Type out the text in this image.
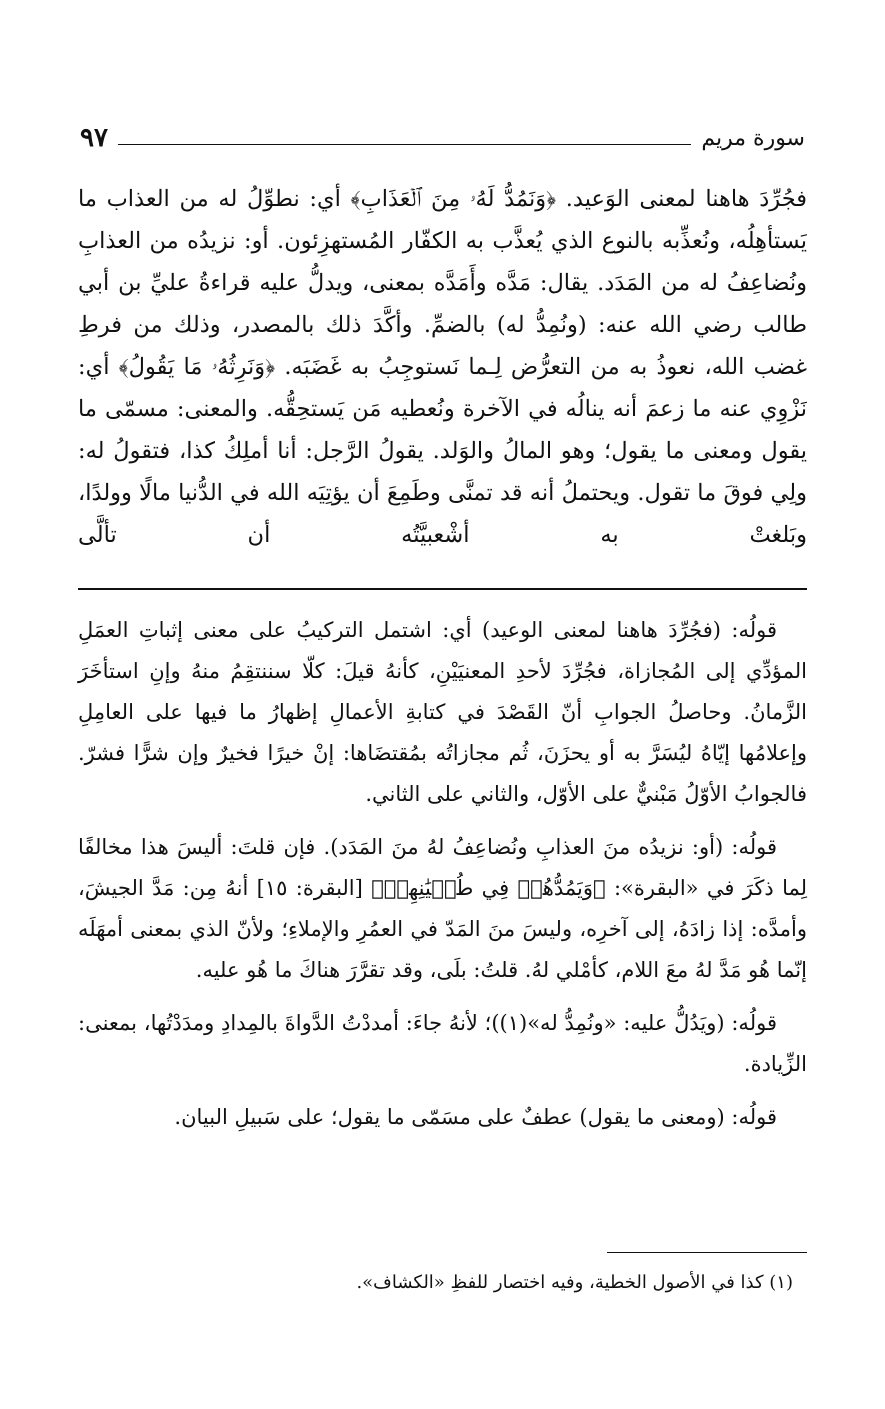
سورة مريم
٩٧

فجُرِّدَ هاهنا لمعنى الوَعيد. ﴿وَنَمُدُّ لَهُۥ مِنَ ٱلۡعَذَابِ﴾ أي: نطوِّلُ له من العذاب ما يَستأهِلُه، ونُعذِّبه بالنوع الذي يُعذَّب به الكفّار المُستهزِئون. أو: نزيدُه من العذابِ ونُضاعِفُ له من المَدَد. يقال: مَدَّه وأَمَدَّه بمعنى، ويدلُّ عليه قراءةُ عليِّ بن أبي طالب رضي الله عنه: (ونُمِدُّ له) بالضمِّ. وأكَّدَ ذلك بالمصدر، وذلك من فرطِ غضب الله، نعوذُ به من التعرُّض لِـما نَستوجِبُ به غَضَبَه. ﴿وَنَرِثُهُۥ مَا يَقُولُ﴾ أي: نَزْوِي عنه ما زعمَ أنه ينالُه في الآخرة ونُعطيه مَن يَستحِقُّه. والمعنى: مسمّى ما يقول ومعنى ما يقول؛ وهو المالُ والوَلد. يقولُ الرَّجل: أنا أملِكُ كذا، فتقولُ له: ولِي فوقَ ما تقول. ويحتملُ أنه قد تمنَّى وطَمِعَ أن يؤتِيَه الله في الدُّنيا مالًا وولدًا، وبَلغتْ به أشْعبيَّتُه أن تألَّى

قولُه: (فجُرِّدَ هاهنا لمعنى الوعيد) أي: اشتمل التركيبُ على معنى إثباتِ العمَلِ المؤدِّي إلى المُجازاة، فجُرِّدَ لأحدِ المعنيَيْنِ، كأنهُ قيلَ: كلّا سننتقِمُ منهُ وإنِ استأخَرَ الزَّمانُ. وحاصلُ الجوابِ أنّ القَصْدَ في كتابةِ الأعمالِ إظهارُ ما فيها على العامِلِ وإعلامُها إيّاهُ ليُسَرَّ به أو يحزَنَ، ثُم مجازاتُه بمُقتضَاها: إنْ خيرًا فخيرٌ وإن شرًّا فشرّ. فالجوابُ الأوّلُ مَبْنيٌّ على الأوّل، والثاني على الثاني.

قولُه: (أو: نزيدُه منَ العذابِ ونُضاعِفُ لهُ منَ المَدَد). فإن قلتَ: أليسَ هذا مخالفًا لِما ذكَرَ في «البقرة»: ﴿وَيَمُدُّهُمۡ فِي طُغۡيَٰنِهِمۡ﴾ [البقرة: ١٥] أنهُ مِن: مَدَّ الجيشَ، وأمدَّه: إذا زادَهُ، إلى آخرِه، وليسَ منَ المَدّ في العمُرِ والإملاءِ؛ ولأنّ الذي بمعنى أمهَلَه إنّما هُو مَدَّ لهُ معَ اللام، كأمْلي لهُ. قلتُ: بلَى، وقد تقرَّرَ هناكَ ما هُو عليه.

قولُه: (ويَدُلُّ عليه: «ونُمِدُّ له»(١))؛ لأنهُ جاءَ: أمددْتُ الدَّواةَ بالمِدادِ ومدَدْتُها، بمعنى: الزِّيادة.

قولُه: (ومعنى ما يقول) عطفٌ على مسَمّى ما يقول؛ على سَبيلِ البيان.

(١) كذا في الأصول الخطية، وفيه اختصار للفظِ «الكشاف».
